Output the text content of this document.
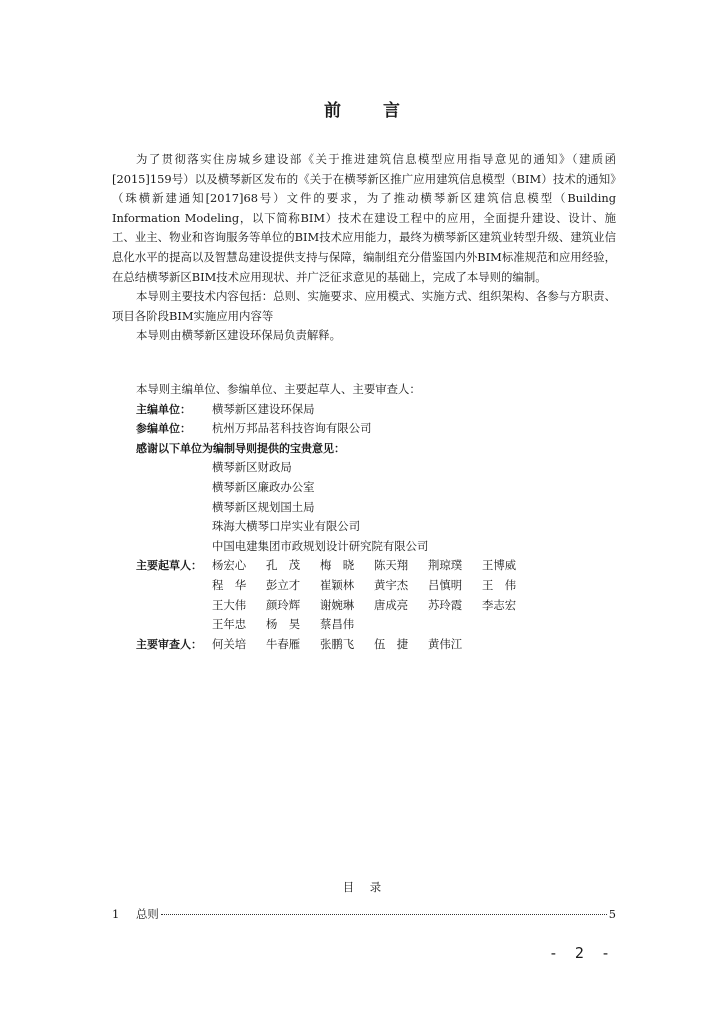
前 言

为了贯彻落实住房城乡建设部《关于推进建筑信息模型应用指导意见的通知》（建质函[2015]159号）以及横琴新区发布的《关于在横琴新区推广应用建筑信息模型（BIM）技术的通知》（珠横新建通知[2017]68号）文件的要求，为了推动横琴新区建筑信息模型（Building Information Modeling，以下简称BIM）技术在建设工程中的应用，全面提升建设、设计、施工、业主、物业和咨询服务等单位的BIM技术应用能力，最终为横琴新区建筑业转型升级、建筑业信息化水平的提高以及智慧岛建设提供支持与保障，编制组充分借鉴国内外BIM标准规范和应用经验，在总结横琴新区BIM技术应用现状、并广泛征求意见的基础上，完成了本导则的编制。

本导则主要技术内容包括：总则、实施要求、应用模式、实施方式、组织架构、各参与方职责、项目各阶段BIM实施应用内容等

本导则由横琴新区建设环保局负责解释。

本导则主编单位、参编单位、主要起草人、主要审查人：
主编单位：	横琴新区建设环保局
参编单位：	杭州万邦品茗科技咨询有限公司
感谢以下单位为编制导则提供的宝贵意见：
横琴新区财政局
横琴新区廉政办公室
横琴新区规划国土局
珠海大横琴口岸实业有限公司
中国电建集团市政规划设计研究院有限公司
主要起草人： 杨宏心	孔　茂	梅　晓	陈天翔	荆琼璞	王博威
程　华	彭立才	崔颖林	黄宇杰	吕慎明	王　伟
王大伟	颜玲辉	谢婉琳	唐成亮	苏玲霞	李志宏
王年忠	杨　昊	蔡昌伟
主要审查人： 何关培	牛春雁	张鹏飞	伍　捷	黄伟江
目 录
1	总则	5
- 2 -
